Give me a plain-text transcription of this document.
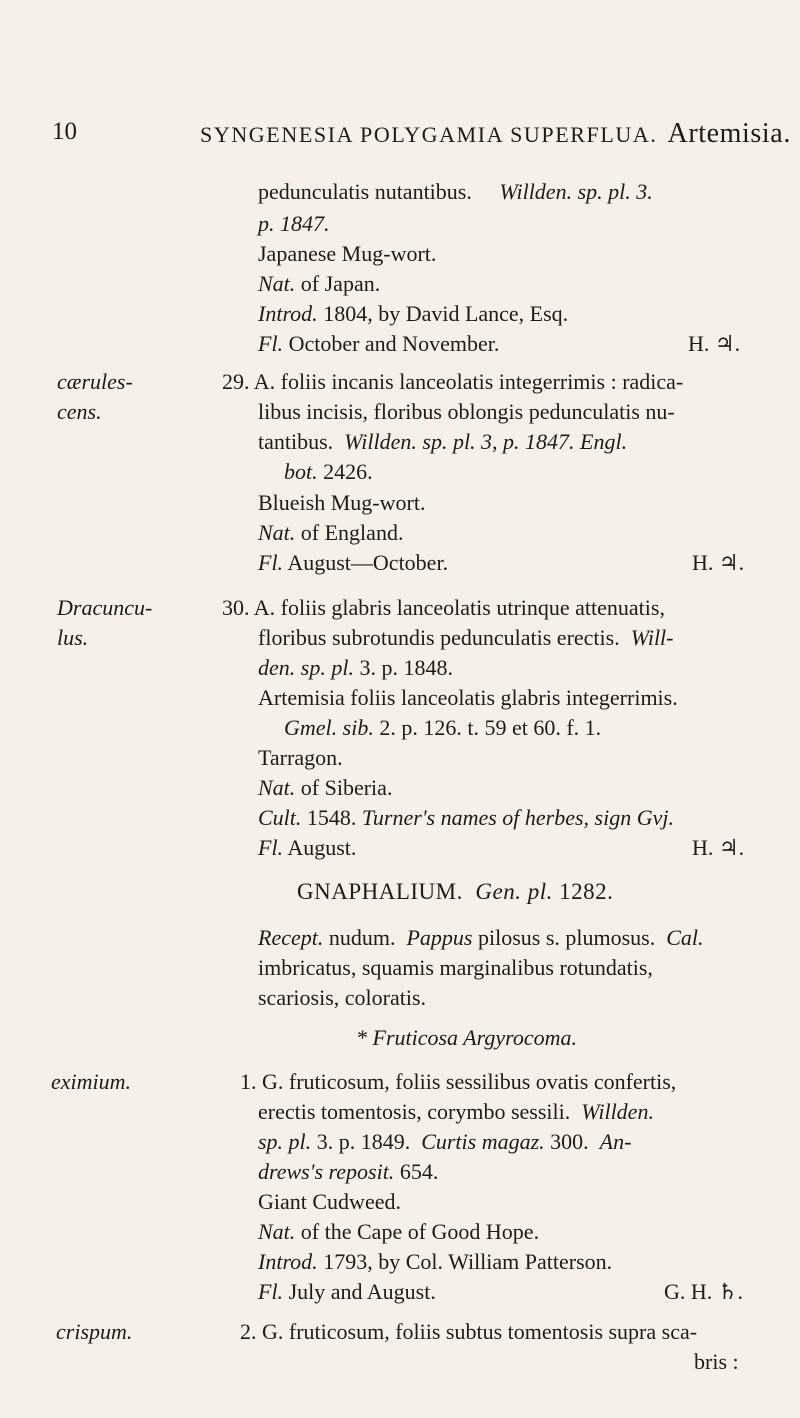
10	SYNGENESIA POLYGAMIA SUPERFLUA. Artemisia.
pedunculatis nutantibus. Willden. sp. pl. 3.
p. 1847.
Japanese Mug-wort.
Nat. of Japan.
Introd. 1804, by David Lance, Esq.
Fl. October and November.	H. ♃.
cærules-
cens.
29. A. foliis incanis lanceolatis integerrimis : radica-
libus incisis, floribus oblongis pedunculatis nu-
tantibus. Willden. sp. pl. 3, p. 1847. Engl.
bot. 2426.
Blueish Mug-wort.
Nat. of England.
Fl. August—October.	H. ♃.
Dracuncu-
lus.
30. A. foliis glabris lanceolatis utrinque attenuatis,
floribus subrotundis pedunculatis erectis. Will-
den. sp. pl. 3. p. 1848.
Artemisia foliis lanceolatis glabris integerrimis.
Gmel. sib. 2. p. 126. t. 59 et 60. f. 1.
Tarragon.
Nat. of Siberia.
Cult. 1548. Turner's names of herbes, sign Gvj.
Fl. August.	H. ♃.
GNAPHALIUM. Gen. pl. 1282.
Recept. nudum. Pappus pilosus s. plumosus. Cal.
imbricatus, squamis marginalibus rotundatis,
scariosis, coloratis.
* Fruticosa Argyrocoma.
eximium.	1. G. fruticosum, foliis sessilibus ovatis confertis,
erectis tomentosis, corymbo sessili. Willden.
sp. pl. 3. p. 1849. Curtis magaz. 300. An-
drews's reposit. 654.
Giant Cudweed.
Nat. of the Cape of Good Hope.
Introd. 1793, by Col. William Patterson.
Fl. July and August.	G. H. ♄.
crispum.	2. G. fruticosum, foliis subtus tomentosis supra sca-
bris :
